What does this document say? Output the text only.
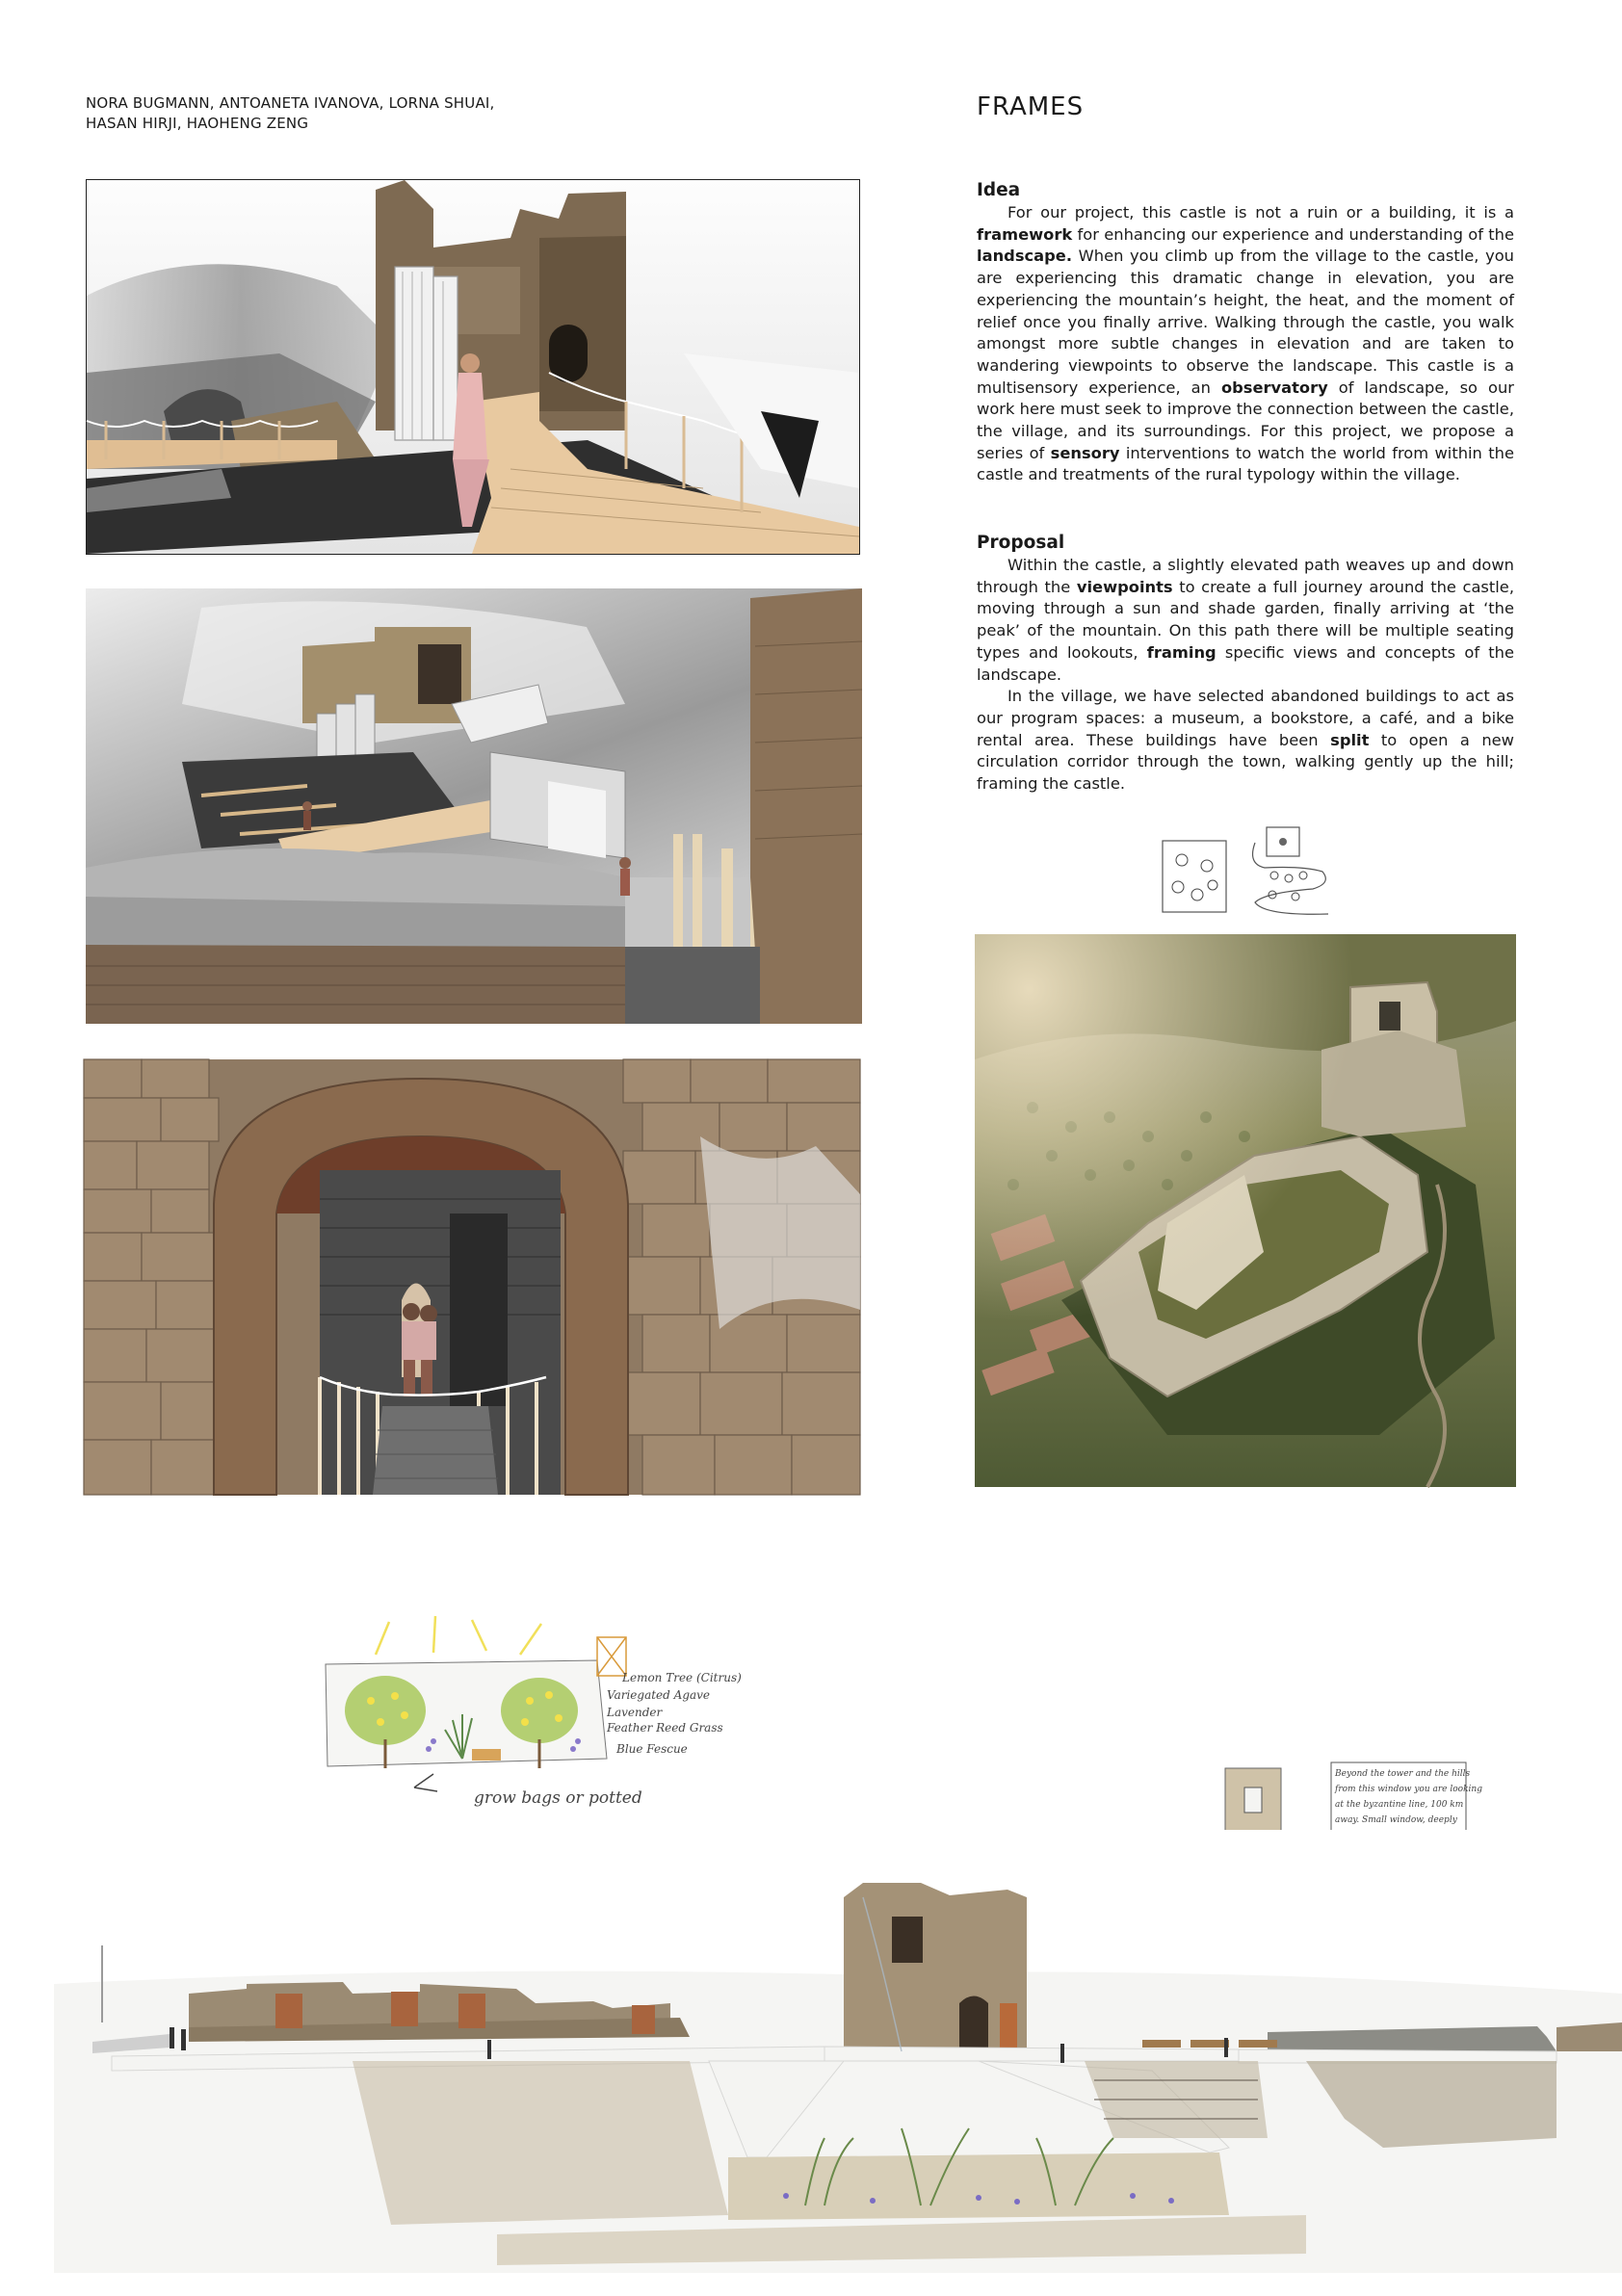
NORA BUGMANN, ANTOANETA IVANOVA, LORNA SHUAI,
HASAN HIRJI, HAOHENG ZENG
FRAMES
Idea

For our project, this castle is not a ruin or a building, it is a framework for enhancing our experience and understanding of the landscape. When you climb up from the village to the castle, you are experiencing this dramatic change in elevation, you are experiencing the mountain’s height, the heat, and the moment of relief once you finally arrive. Walking through the castle, you walk amongst more subtle changes in elevation and are taken to wandering viewpoints to observe the landscape. This castle is a multisensory experience, an observatory of landscape, so our work here must seek to improve the connection between the castle, the village, and its surroundings. For this project, we propose a series of sensory interventions to watch the world from within the castle and treatments of the rural typology within the village.

Proposal

Within the castle, a slightly elevated path weaves up and down through the viewpoints to create a full journey around the castle, moving through a sun and shade garden, finally arriving at ‘the peak’ of the mountain. On this path there will be multiple seating types and lookouts, framing specific views and concepts of the landscape.

In the village, we have selected abandoned buildings to act as our program spaces: a museum, a bookstore, a café, and a bike rental area. These buildings have been split to open a new circulation corridor through the town, walking gently up the hill; framing the castle.

Lemon Tree (Citrus)
Variegated Agave
Lavender
Feather Reed Grass
Blue Fescue
grow bags or potted
Beyond the tower and the hills
from this window you are looking
at the byzantine line, 100 km
away. Small window, deeply
